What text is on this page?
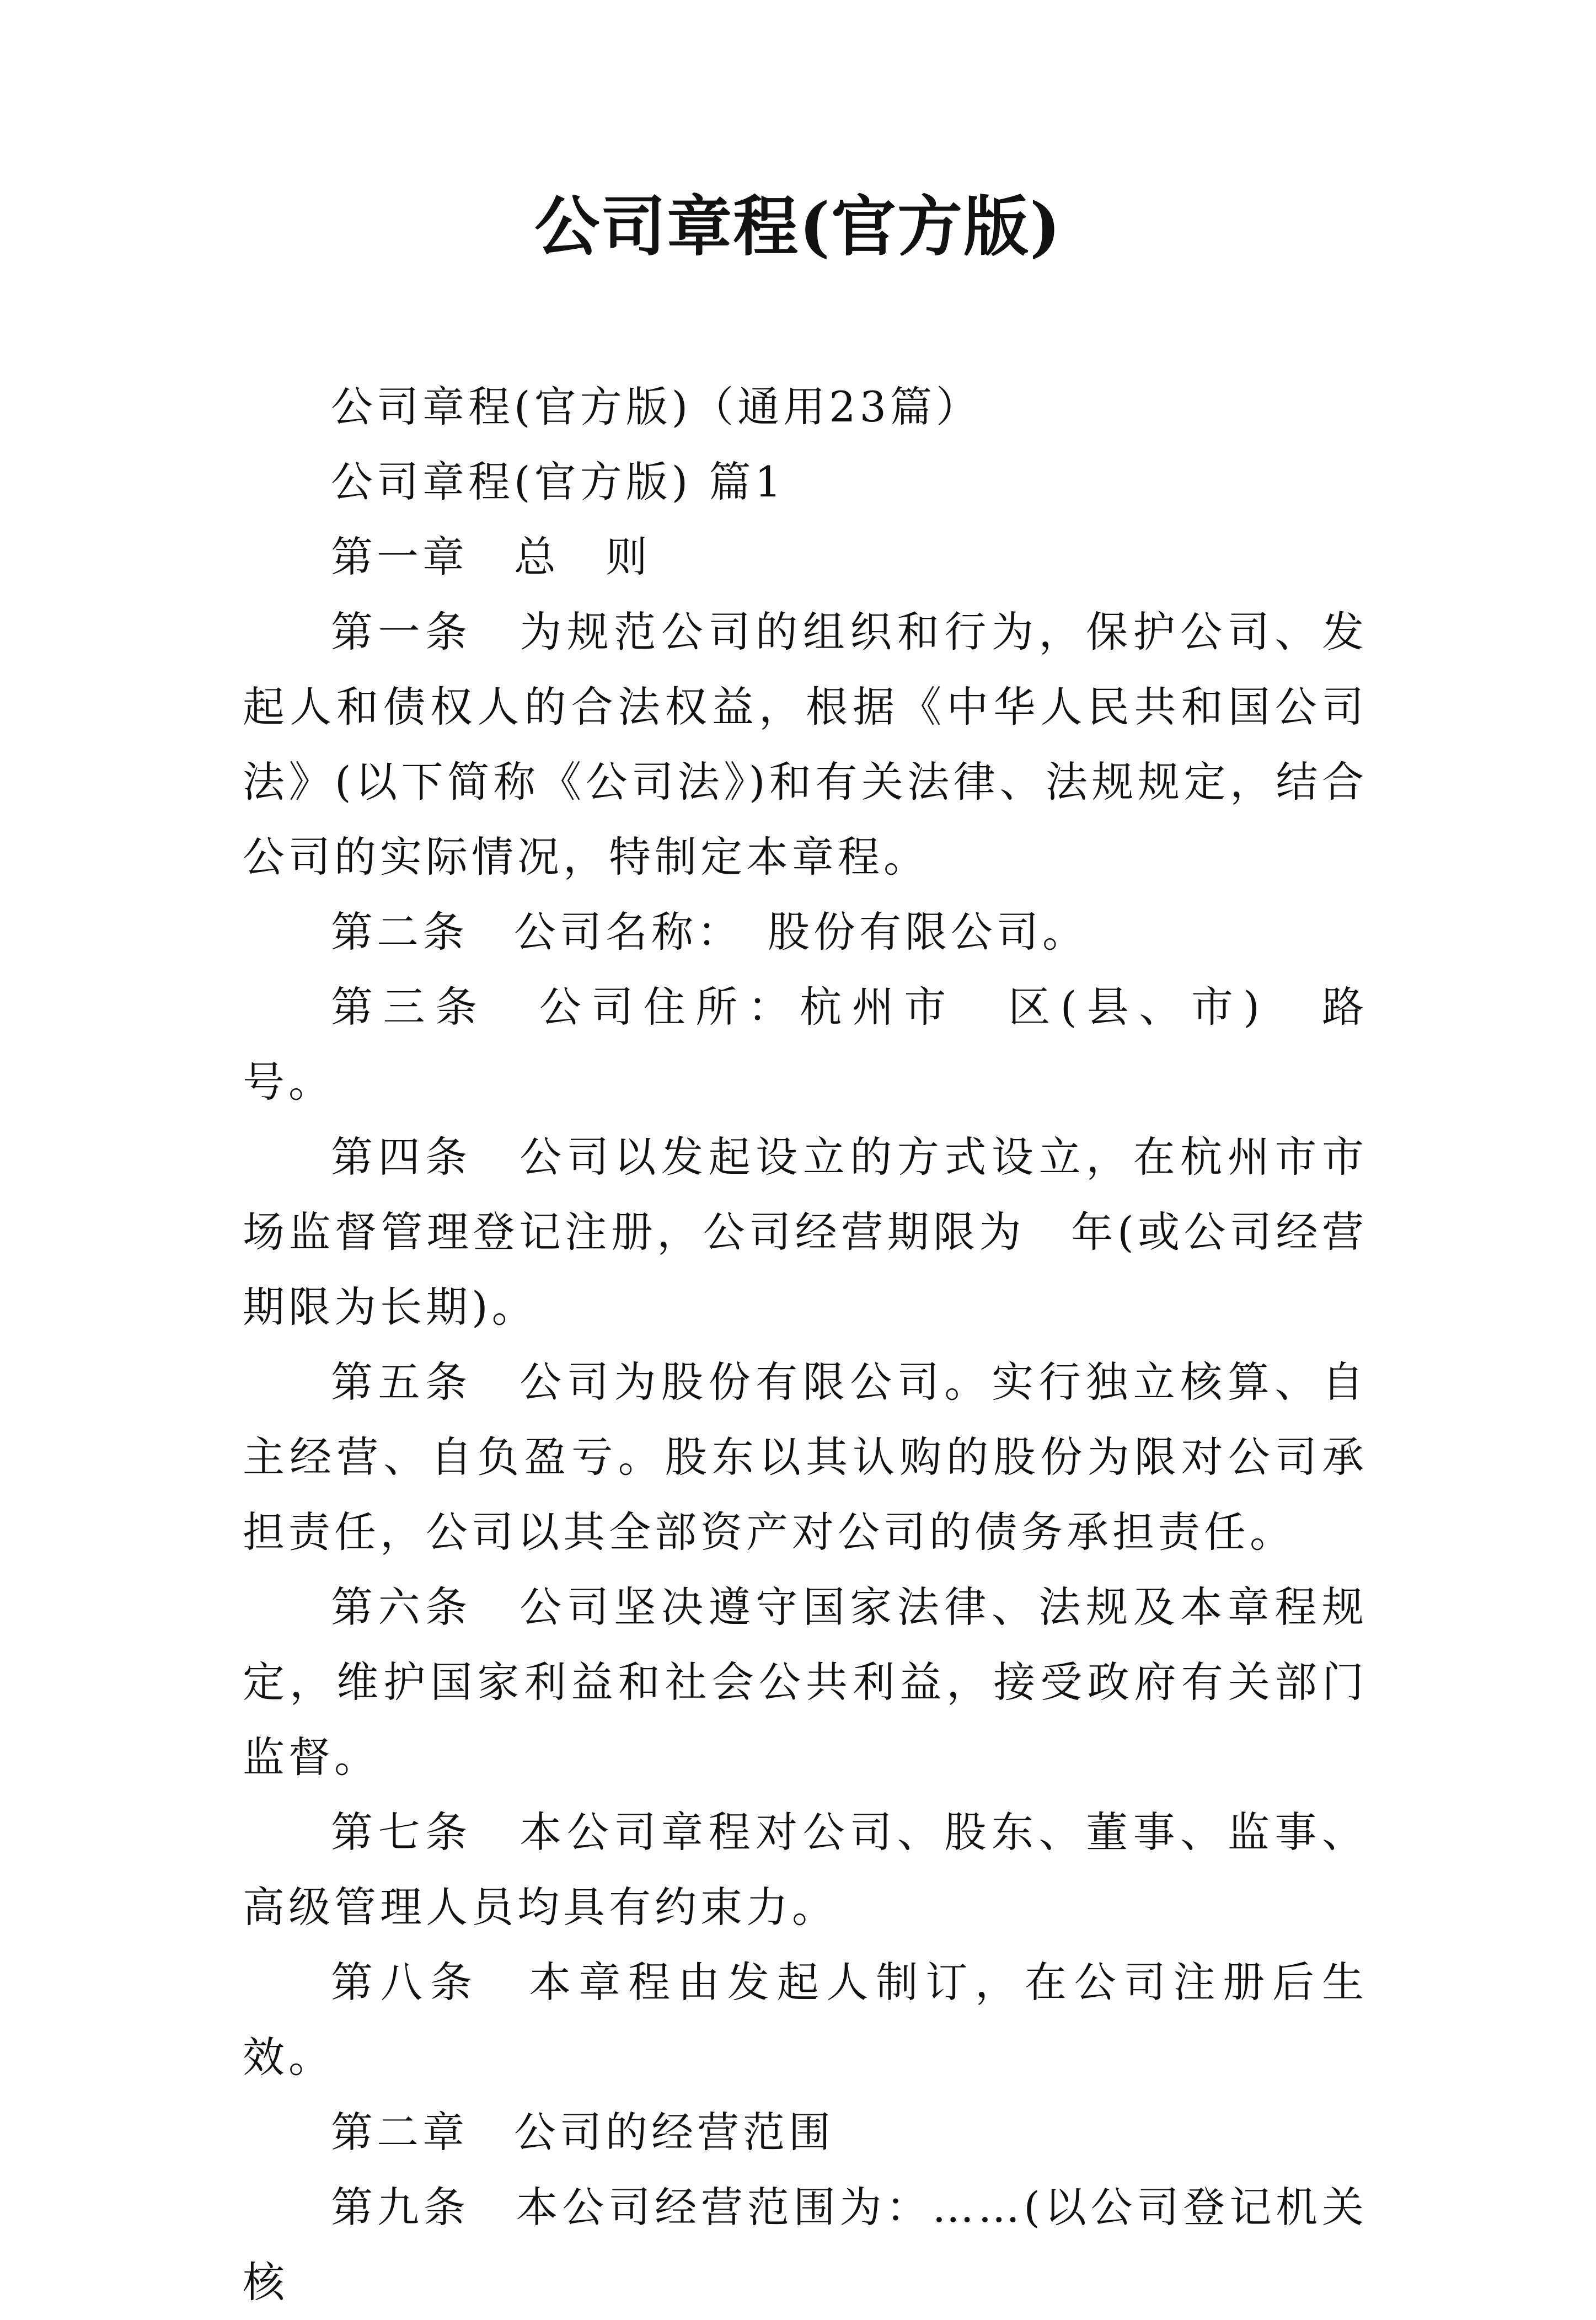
公司章程(官方版)

公司章程(官方版)（通用23篇）

公司章程(官方版) 篇1

第一章　总　则

第一条　为规范公司的组织和行为，保护公司、发起人和债权人的合法权益，根据《中华人民共和国公司法》(以下简称《公司法》)和有关法律、法规规定，结合公司的实际情况，特制定本章程。

第二条　公司名称：　股份有限公司。

第三条　公司住所：杭州市　区(县、市)　路　号。

第四条　公司以发起设立的方式设立，在杭州市市场监督管理登记注册，公司经营期限为　年(或公司经营期限为长期)。

第五条　公司为股份有限公司。实行独立核算、自主经营、自负盈亏。股东以其认购的股份为限对公司承担责任，公司以其全部资产对公司的债务承担责任。

第六条　公司坚决遵守国家法律、法规及本章程规定，维护国家利益和社会公共利益，接受政府有关部门监督。

第七条　本公司章程对公司、股东、董事、监事、高级管理人员均具有约束力。

第八条　本章程由发起人制订，在公司注册后生效。

第二章　公司的经营范围

第九条　本公司经营范围为：……(以公司登记机关核
